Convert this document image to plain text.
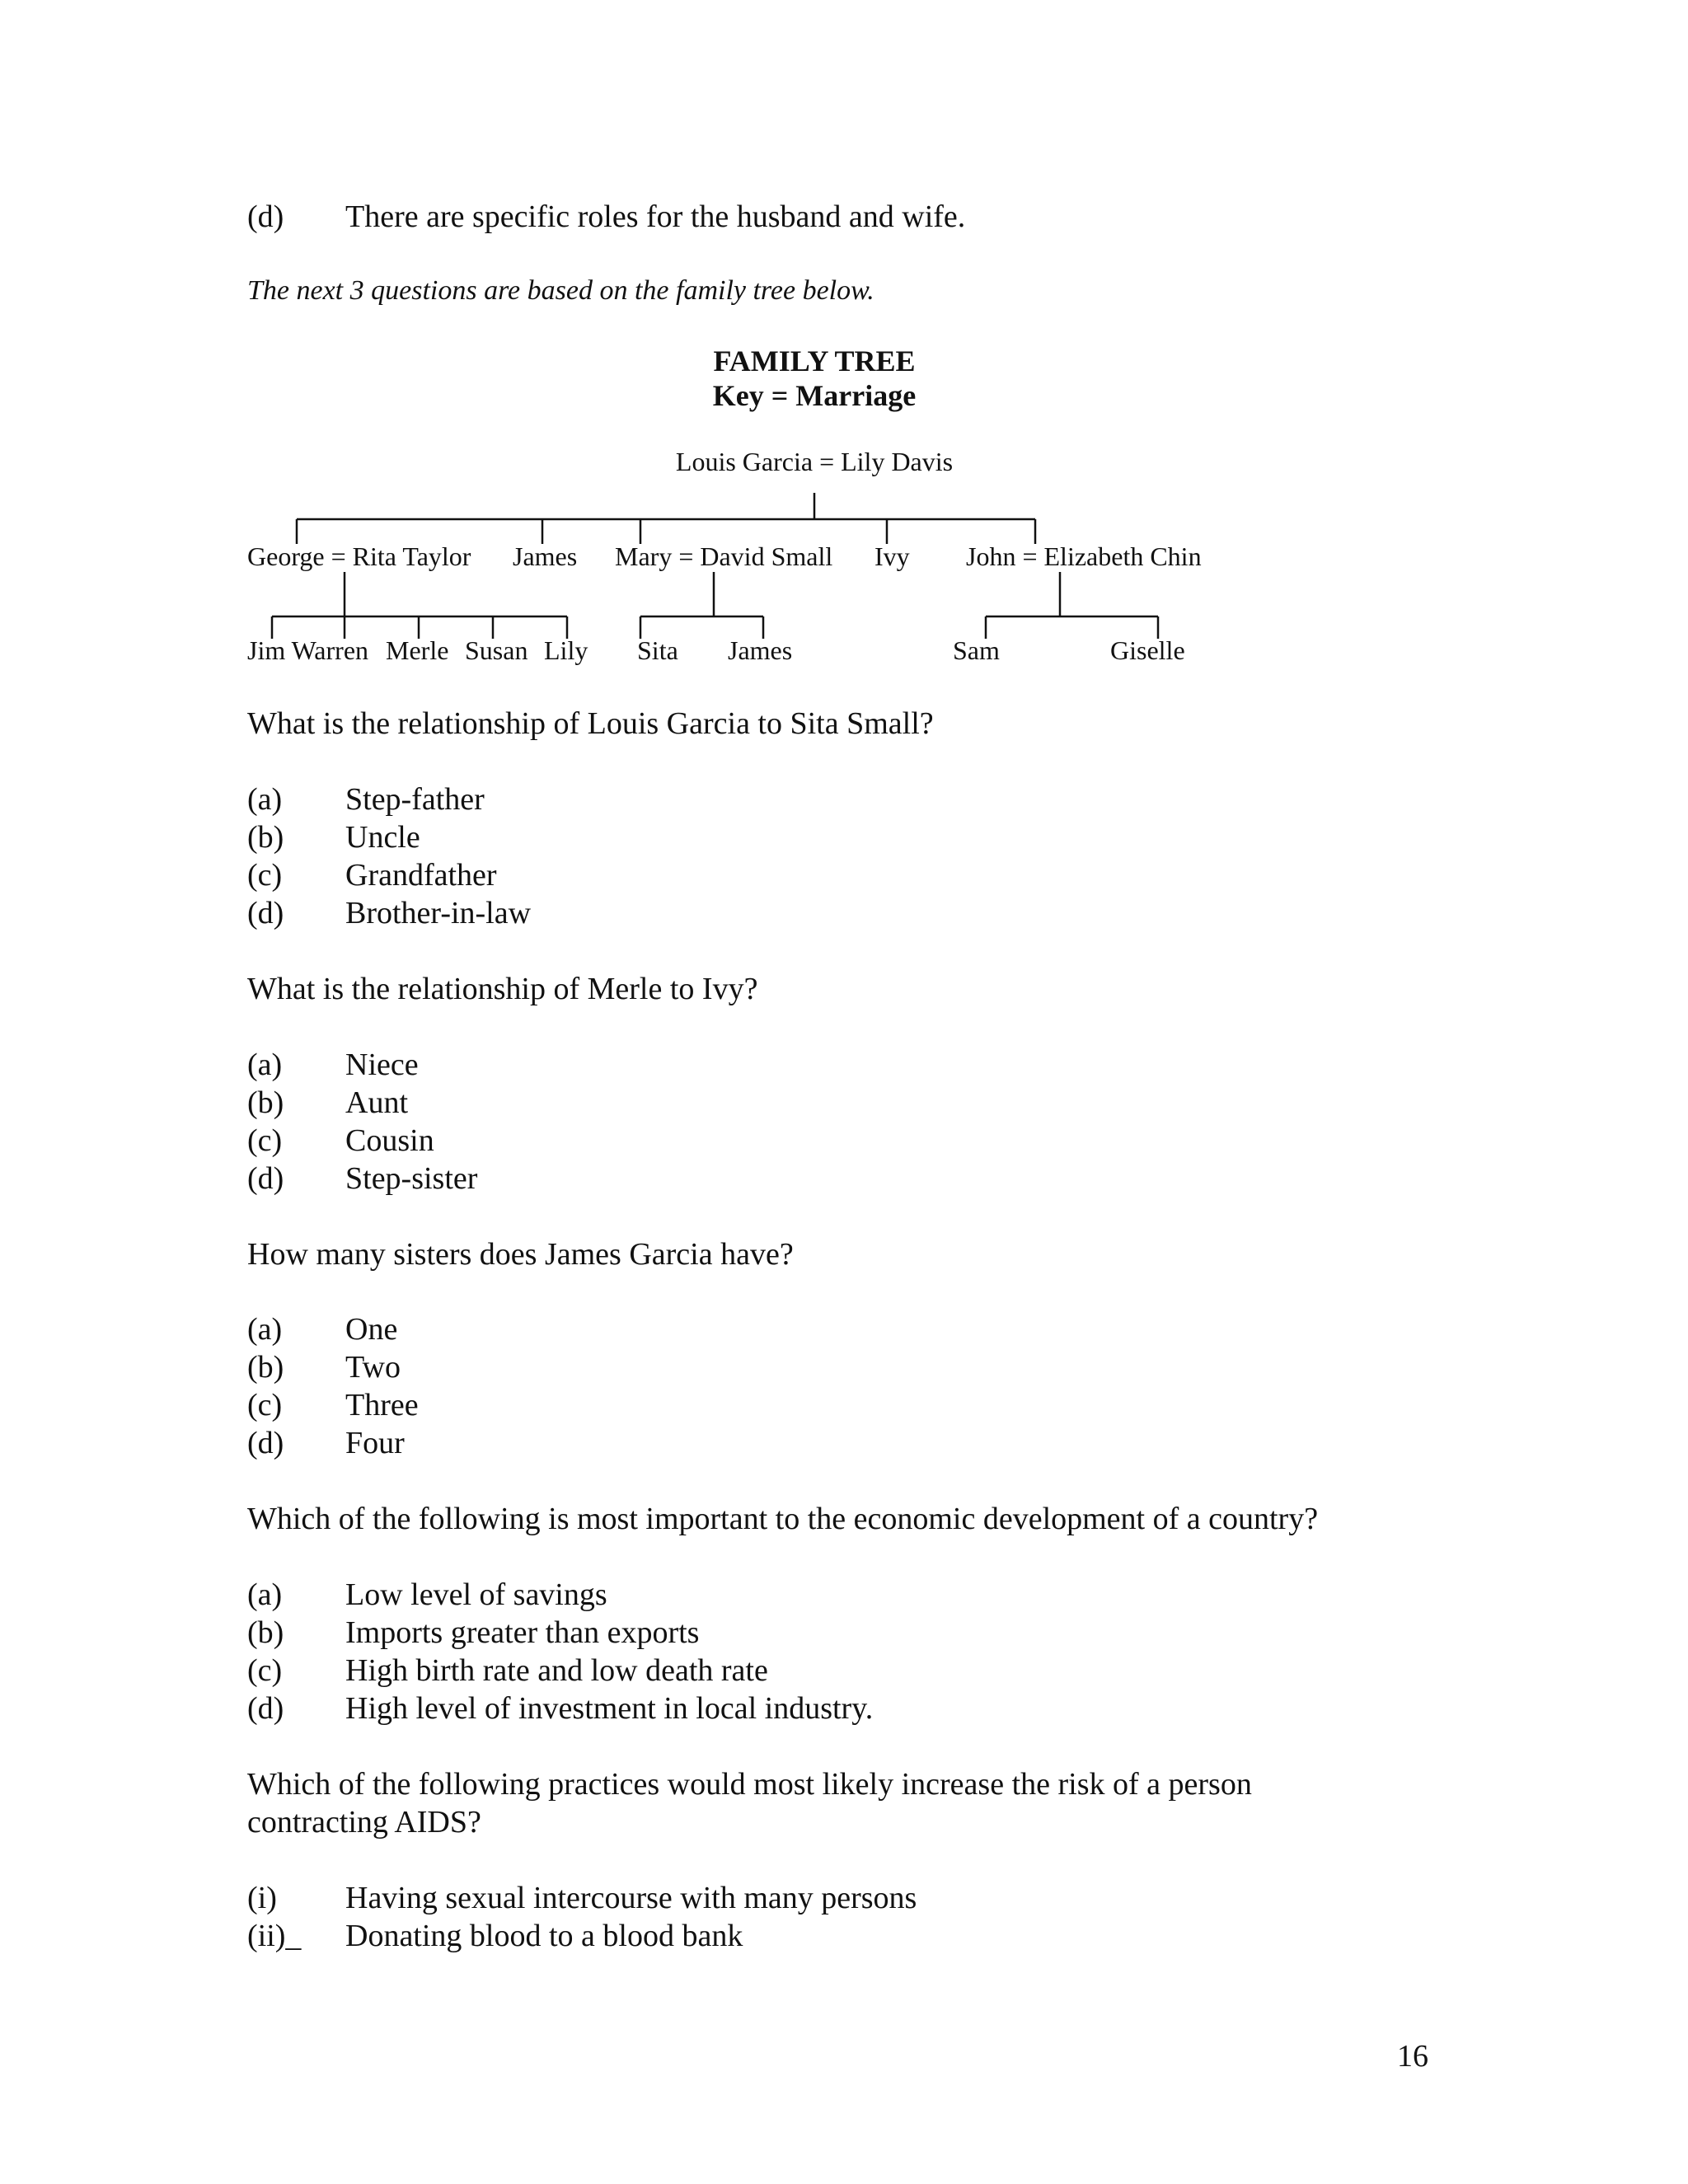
(d) There are specific roles for the husband and wife.
The next 3 questions are based on the family tree below.
FAMILY TREE
Key = Marriage
Louis Garcia = Lily Davis
George = Rita Taylor James Mary = David Small Ivy John = Elizabeth Chin
Jim Warren Merle Susan Lily Sita James	Sam	Giselle
What is the relationship of Louis Garcia to Sita Small?
(a) Step-father
(b) Uncle
(c) Grandfather
(d) Brother-in-law
What is the relationship of Merle to Ivy?
(a) Niece
(b) Aunt
(c) Cousin
(d) Step-sister
How many sisters does James Garcia have?
(a) One
(b) Two
(c) Three
(d) Four
Which of the following is most important to the economic development of a country?
(a) Low level of savings
(b) Imports greater than exports
(c) High birth rate and low death rate
(d) High level of investment in local industry.
Which of the following practices would most likely increase the risk of a person
contracting AIDS?
(i) Having sexual intercourse with many persons
(ii)_ Donating blood to a blood bank
16
